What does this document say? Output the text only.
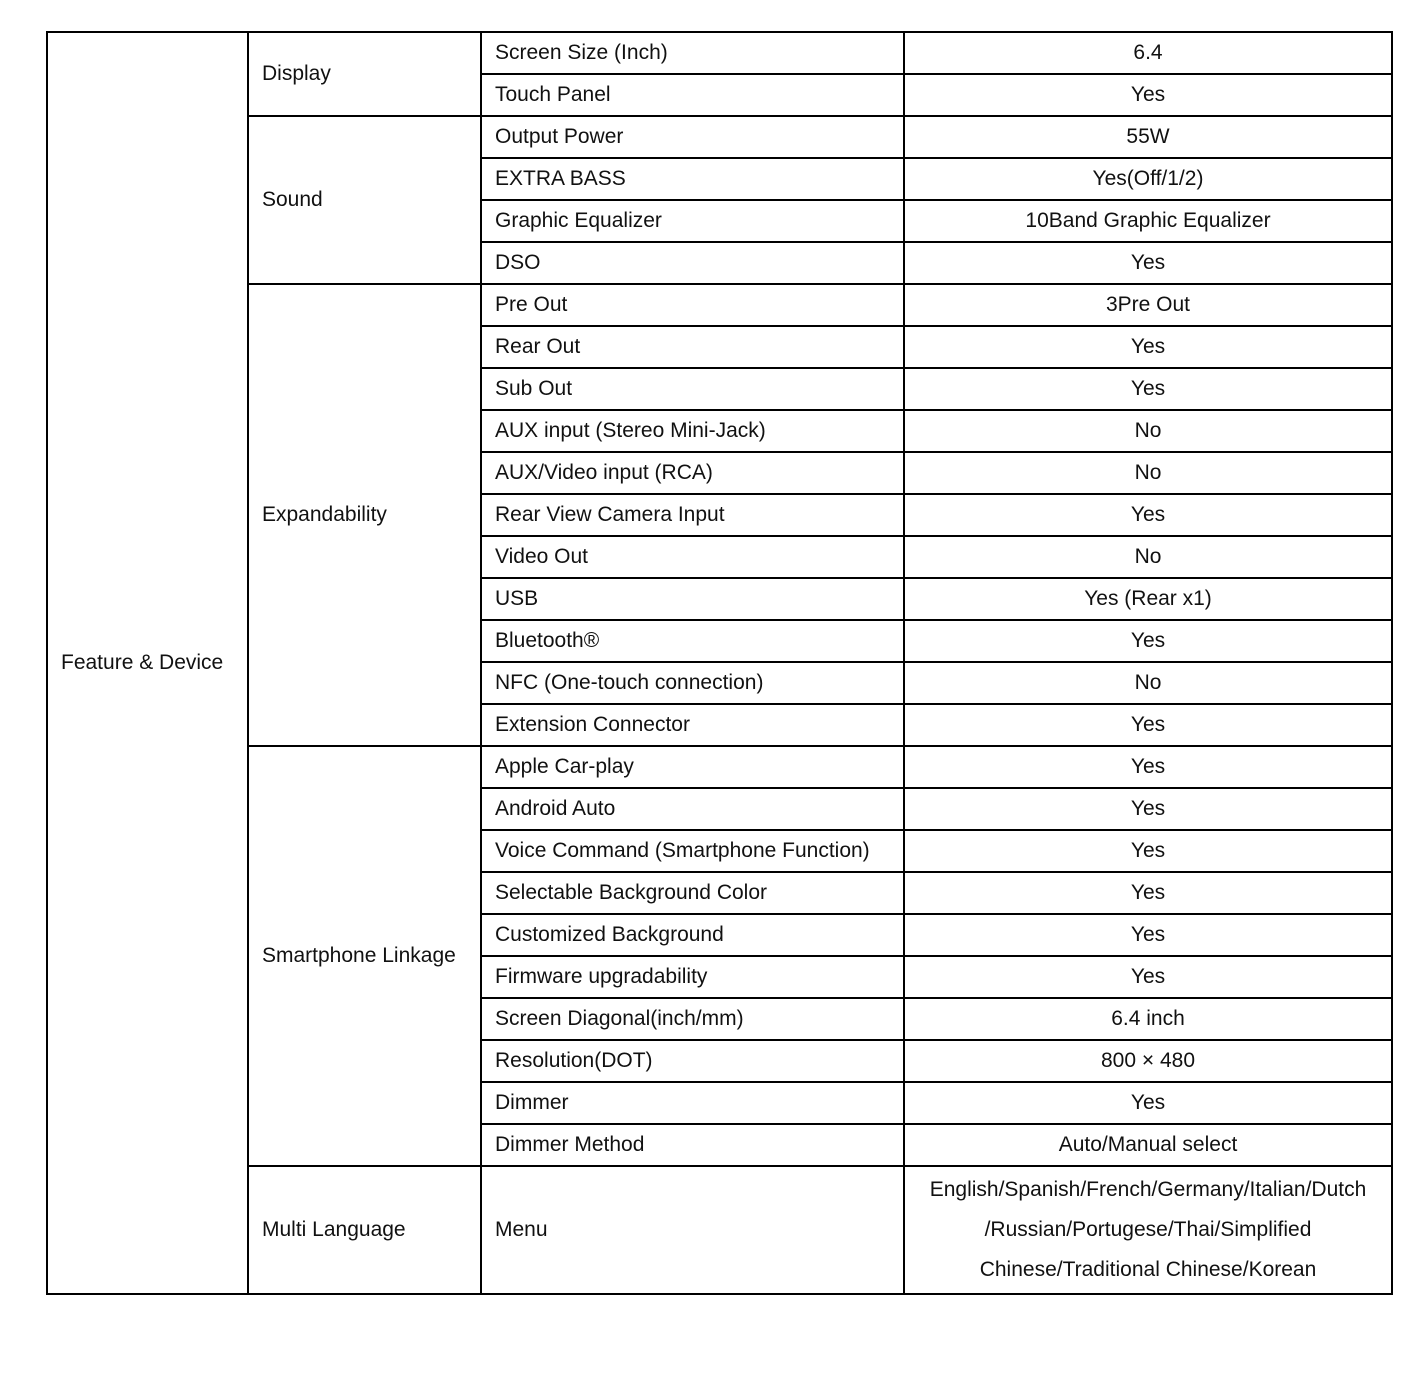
Feature & Device	Display	Screen Size (Inch)	6.4
		Touch Panel	Yes
	Sound	Output Power	55W
		EXTRA BASS	Yes(Off/1/2)
		Graphic Equalizer	10Band Graphic Equalizer
		DSO	Yes
	Expandability	Pre Out	3Pre Out
		Rear Out	Yes
		Sub Out	Yes
		AUX input (Stereo Mini-Jack)	No
		AUX/Video input (RCA)	No
		Rear View Camera Input	Yes
		Video Out	No
		USB	Yes (Rear x1)
		Bluetooth®	Yes
		NFC (One-touch connection)	No
		Extension Connector	Yes
	Smartphone Linkage	Apple Car-play	Yes
		Android Auto	Yes
		Voice Command (Smartphone Function)	Yes
		Selectable Background Color	Yes
		Customized Background	Yes
		Firmware upgradability	Yes
		Screen Diagonal(inch/mm)	6.4 inch
		Resolution(DOT)	800 × 480
		Dimmer	Yes
		Dimmer Method	Auto/Manual select
	Multi Language	Menu	English/Spanish/French/Germany/Italian/Dutch
/Russian/Portugese/Thai/Simplified
Chinese/Traditional Chinese/Korean
